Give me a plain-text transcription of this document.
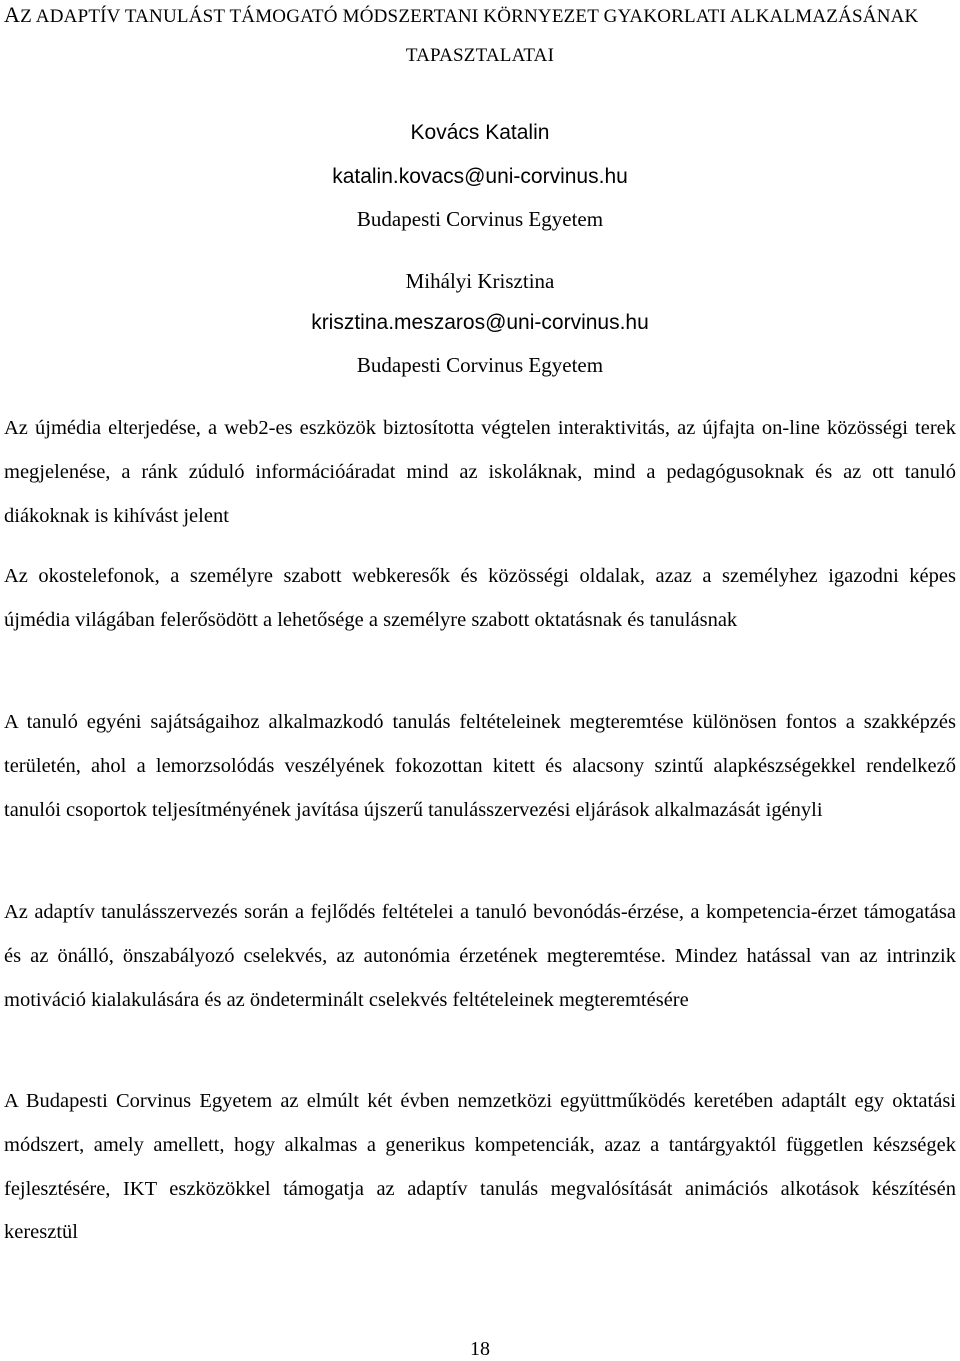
AZ ADAPTÍV TANULÁST TÁMOGATÓ MÓDSZERTANI KÖRNYEZET GYAKORLATI ALKALMAZÁSÁNAK
TAPASZTALATAI
Kovács Katalin
katalin.kovacs@uni-corvinus.hu
Budapesti Corvinus Egyetem
Mihályi Krisztina
krisztina.meszaros@uni-corvinus.hu
Budapesti Corvinus Egyetem

Az újmédia elterjedése, a web2-es eszközök biztosította végtelen interaktivitás, az újfajta on-line közösségi terek megjelenése, a ránk zúduló információáradat mind az iskoláknak, mind a pedagógusoknak és az ott tanuló diákoknak is kihívást jelent

Az okostelefonok, a személyre szabott webkeresők és közösségi oldalak, azaz a személyhez igazodni képes újmédia világában felerősödött a lehetősége a személyre szabott oktatásnak és tanulásnak

A tanuló egyéni sajátságaihoz alkalmazkodó tanulás feltételeinek megteremtése különösen fontos a szakképzés területén, ahol a lemorzsolódás veszélyének fokozottan kitett és alacsony szintű alapkészségekkel rendelkező tanulói csoportok teljesítményének javítása újszerű tanulásszervezési eljárások alkalmazását igényli

Az adaptív tanulásszervezés során a fejlődés feltételei a tanuló bevonódás-érzése, a kompetencia-érzet támogatása és az önálló, önszabályozó cselekvés, az autonómia érzetének megteremtése. Mindez hatással van az intrinzik motiváció kialakulására és az öndeterminált cselekvés feltételeinek megteremtésére

A Budapesti Corvinus Egyetem az elmúlt két évben nemzetközi együttműködés keretében adaptált egy oktatási módszert, amely amellett, hogy alkalmas a generikus kompetenciák, azaz a tantárgyaktól független készségek fejlesztésére, IKT eszközökkel támogatja az adaptív tanulás megvalósítását animációs alkotások készítésén keresztül

18
